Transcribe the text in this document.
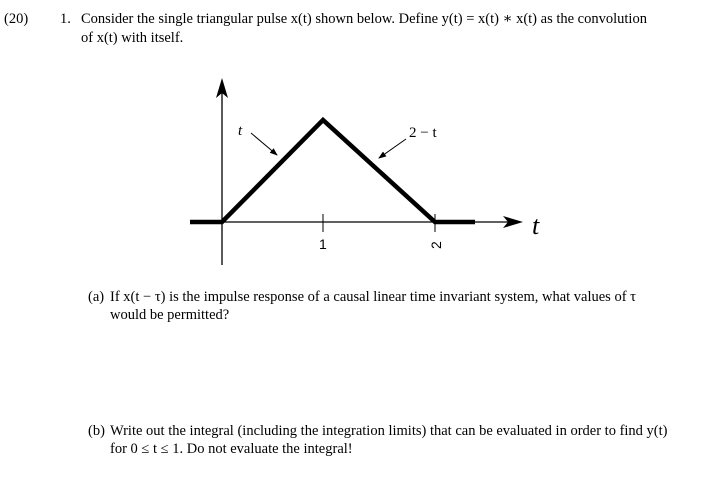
(20) 1. Consider the single triangular pulse x(t) shown below. Define y(t) = x(t) ∗ x(t) as the convolution
of x(t) with itself.
t	2 − t
t
1	2
(a) If x(t − τ) is the impulse response of a causal linear time invariant system, what values of τ
would be permitted?
(b) Write out the integral (including the integration limits) that can be evaluated in order to find y(t)
for 0 ≤ t ≤ 1. Do not evaluate the integral!
